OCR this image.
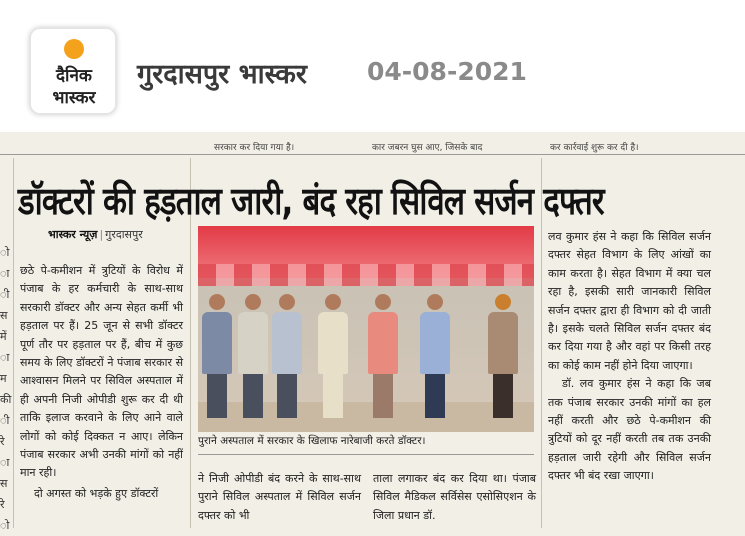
दैनिक
भास्कर
गुरदासपुर भास्कर 04-08-2021
सरकार कर दिया गया है।	कार जबरन घुस आए, जिसके बाद	कर कार्रवाई शुरू कर दी है।
ो
ा
ी
स
में
ा
म
की
ी
रे
ा
स
रे
ो
डॉक्टरों की हड़ताल जारी, बंद रहा सिविल सर्जन दफ्तर
भास्कर न्यूज़ | गुरदासपुर

छठे पे-कमीशन में त्रुटियों के विरोध में पंजाब के हर कर्मचारी के साथ-साथ सरकारी डॉक्टर और अन्य सेहत कर्मी भी हड़ताल पर हैं। 25 जून से सभी डॉक्टर पूर्ण तौर पर हड़ताल पर हैं, बीच में कुछ समय के लिए डॉक्टरों ने पंजाब सरकार से आश्वासन मिलने पर सिविल अस्पताल में ही अपनी निजी ओपीडी शुरू कर दी थी ताकि इलाज करवाने के लिए आने वाले लोगों को कोई दिक्कत न आए। लेकिन पंजाब सरकार अभी उनकी मांगों को नहीं मान रही।

दो अगस्त को भड़के हुए डॉक्टरों

पुराने अस्पताल में सरकार के खिलाफ नारेबाजी करते डॉक्टर।
ने निजी ओपीडी बंद करने के साथ-साथ पुराने सिविल अस्पताल में सिविल सर्जन दफ्तर को भी
ताला लगाकर बंद कर दिया था। पंजाब सिविल मैडिकल सर्विसेस एसोसिएशन के जिला प्रधान डॉ.

लव कुमार हंस ने कहा कि सिविल सर्जन दफ्तर सेहत विभाग के लिए आंखों का काम करता है। सेहत विभाग में क्या चल रहा है, इसकी सारी जानकारी सिविल सर्जन दफ्तर द्वारा ही विभाग को दी जाती है। इसके चलते सिविल सर्जन दफ्तर बंद कर दिया गया है और वहां पर किसी तरह का कोई काम नहीं होने दिया जाएगा।

डॉ. लव कुमार हंस ने कहा कि जब तक पंजाब सरकार उनकी मांगों का हल नहीं करती और छठे पे-कमीशन की त्रुटियों को दूर नहीं करती तब तक उनकी हड़ताल जारी रहेगी और सिविल सर्जन दफ्तर भी बंद रखा जाएगा।
